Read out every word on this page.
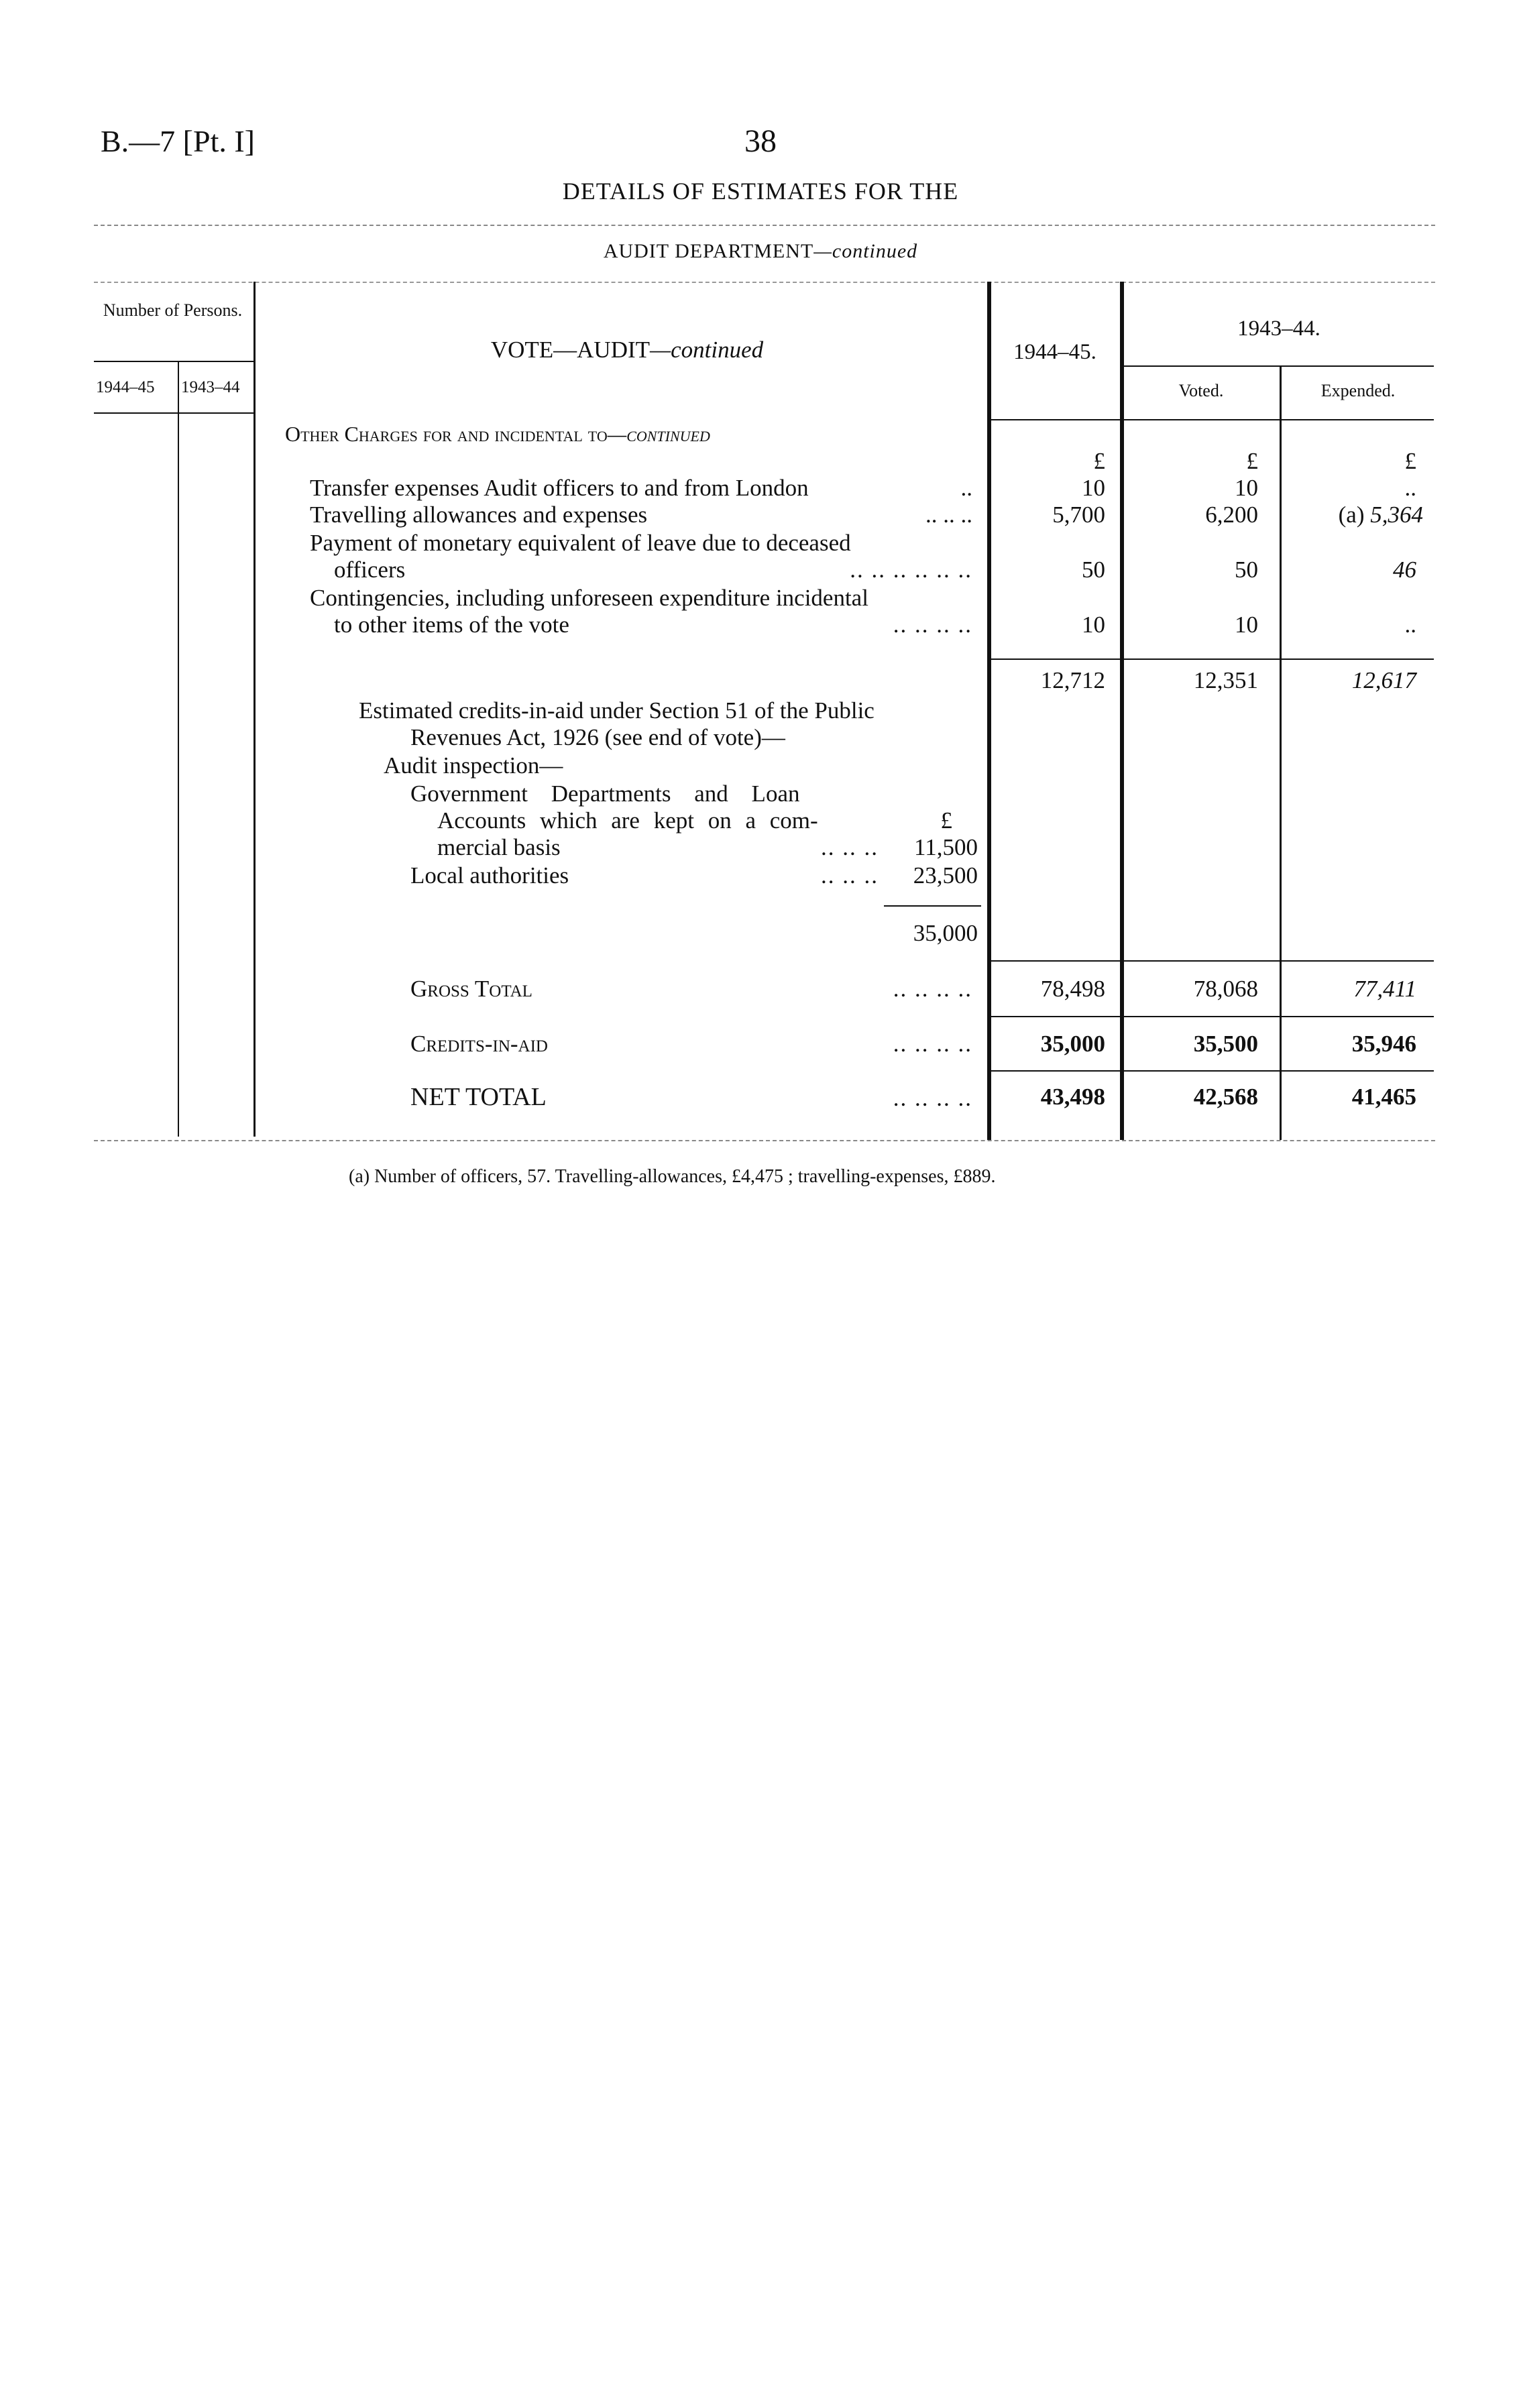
B.—7 [Pt. I]	38
DETAILS OF ESTIMATES FOR THE
AUDIT DEPARTMENT—continued
Number of Persons.
1944–45 1943–44
VOTE—AUDIT—continued	1944–45.
1943–44.
Voted.	Expended.
Other Charges for and incidental to—continued
£	£	£
Transfer expenses Audit officers to and from London	..	10	10	..
Travelling allowances and expenses	.. .. ..	5,700	6,200	(a) 5,364
Payment of monetary equivalent of leave due to deceased
officers	.. .. .. .. .. ..	50	50	46
Contingencies, including unforeseen expenditure incidental
to other items of the vote	.. .. .. ..	10	10	..
12,712	12,351	12,617
Estimated credits-in-aid under Section 51 of the Public
Revenues Act, 1926 (see end of vote)—
Audit inspection—
Government Departments and Loan
Accounts which are kept on a com-	£
mercial basis	.. .. ..	11,500
Local authorities	.. .. ..	23,500
35,000
Gross Total	.. .. .. ..	78,498	78,068	77,411
Credits-in-aid	.. .. .. ..	35,000	35,500	35,946
NET TOTAL	.. .. .. ..	43,498	42,568	41,465
(a) Number of officers, 57. Travelling-allowances, £4,475 ; travelling-expenses, £889.
